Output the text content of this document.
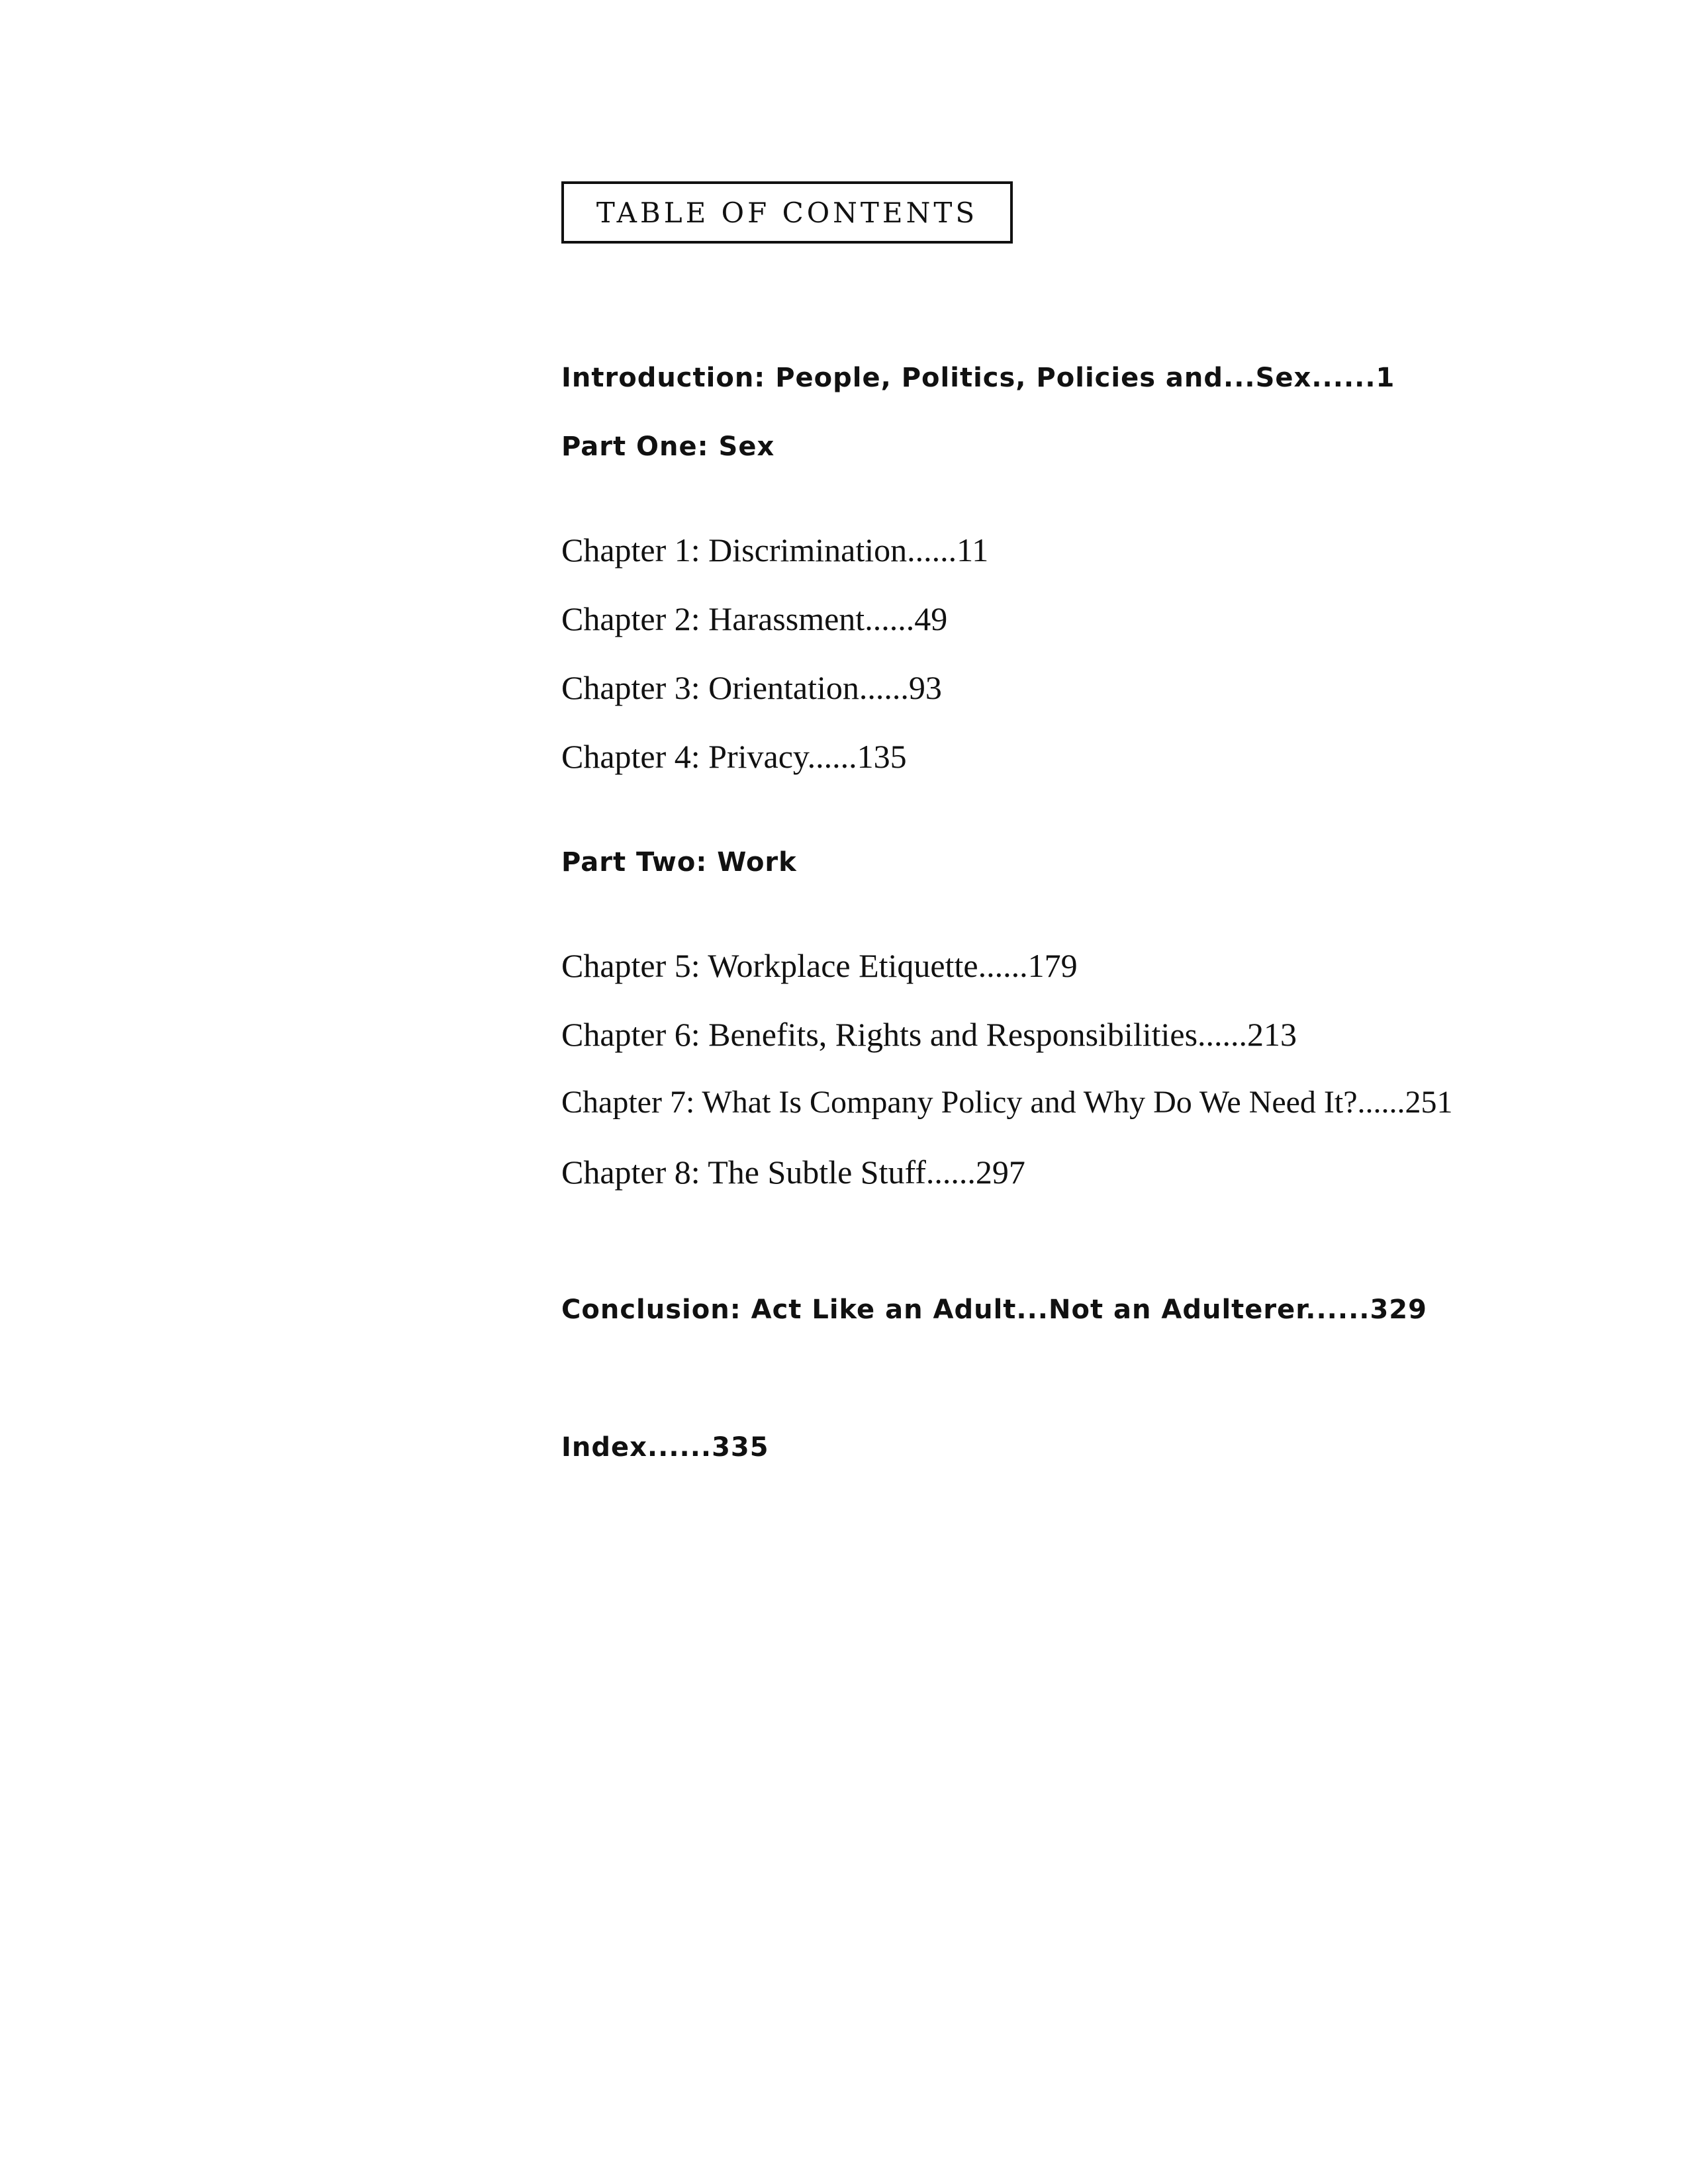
TABLE OF CONTENTS
Introduction: People, Politics, Policies and...Sex......1
Part One: Sex
Chapter 1: Discrimination......11
Chapter 2: Harassment......49
Chapter 3: Orientation......93
Chapter 4: Privacy......135
Part Two: Work
Chapter 5: Workplace Etiquette......179
Chapter 6: Benefits, Rights and Responsibilities......213
Chapter 7: What Is Company Policy and Why Do We Need It?......251
Chapter 8: The Subtle Stuff......297
Conclusion: Act Like an Adult...Not an Adulterer......329
Index......335
